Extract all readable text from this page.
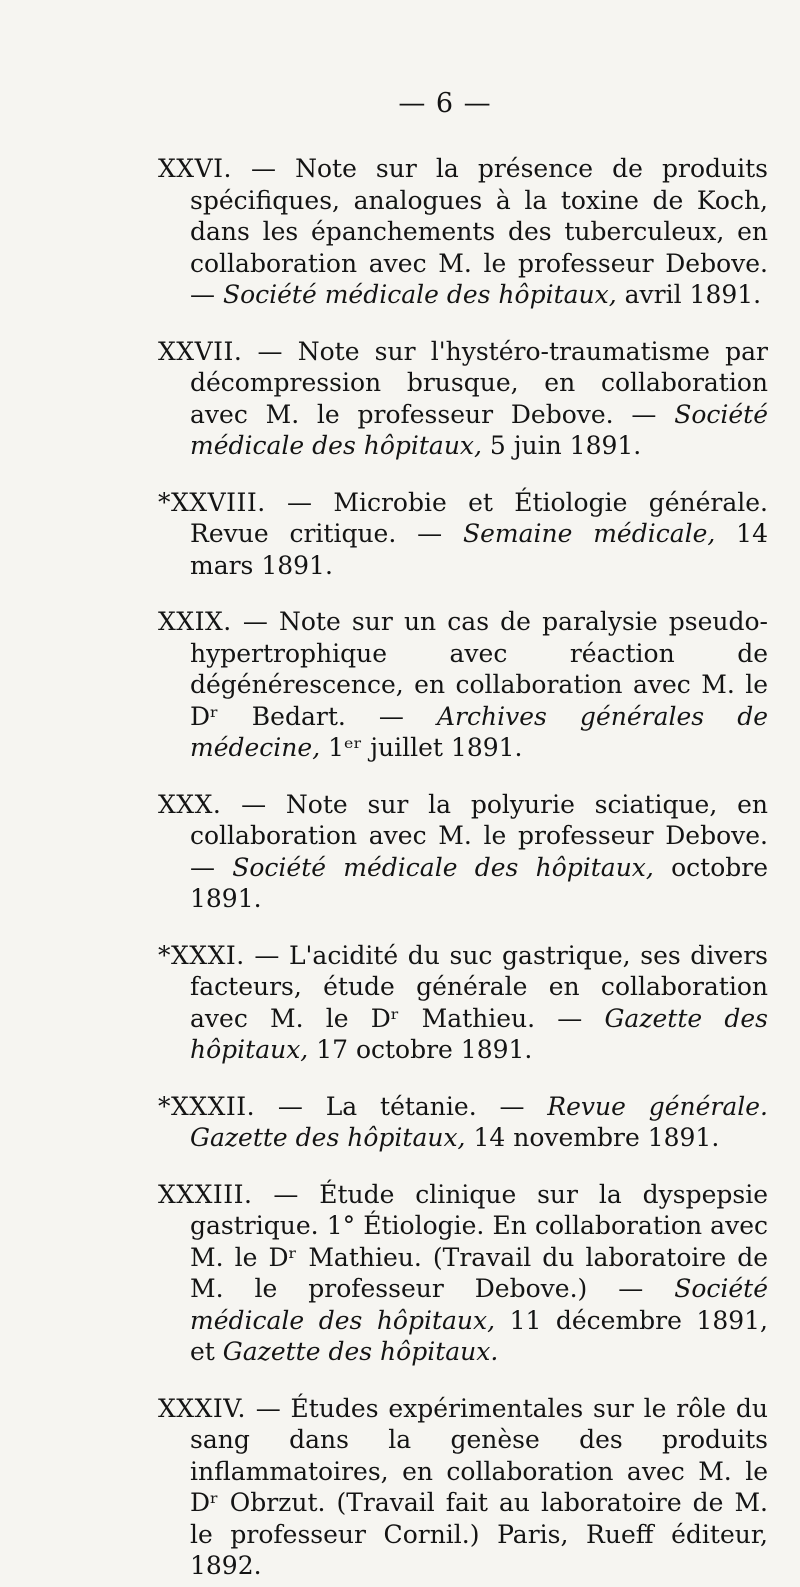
— 6 —

XXVI. — Note sur la présence de produits spécifiques, analogues à la toxine de Koch, dans les épanchements des tuberculeux, en collaboration avec M. le professeur Debove. — Société médicale des hôpitaux, avril 1891.

XXVII. — Note sur l'hystéro-traumatisme par décompression brusque, en collaboration avec M. le professeur Debove. — Société médicale des hôpitaux, 5 juin 1891.

*XXVIII. — Microbie et Étiologie générale. Revue critique. — Semaine médicale, 14 mars 1891.

XXIX. — Note sur un cas de paralysie pseudo-hypertrophique avec réaction de dégénérescence, en collaboration avec M. le Dʳ Bedart. — Archives générales de médecine, 1ᵉʳ juillet 1891.

XXX. — Note sur la polyurie sciatique, en collaboration avec M. le professeur Debove. — Société médicale des hôpitaux, octobre 1891.

*XXXI. — L'acidité du suc gastrique, ses divers facteurs, étude générale en collaboration avec M. le Dʳ Mathieu. — Gazette des hôpitaux, 17 octobre 1891.

*XXXII. — La tétanie. — Revue générale. Gazette des hôpitaux, 14 novembre 1891.

XXXIII. — Étude clinique sur la dyspepsie gastrique. 1° Étiologie. En collaboration avec M. le Dʳ Mathieu. (Travail du laboratoire de M. le professeur Debove.) — Société médicale des hôpitaux, 11 décembre 1891, et Gazette des hôpitaux.

XXXIV. — Études expérimentales sur le rôle du sang dans la genèse des produits inflammatoires, en collaboration avec M. le Dʳ Obrzut. (Travail fait au laboratoire de M. le professeur Cornil.) Paris, Rueff éditeur, 1892.
